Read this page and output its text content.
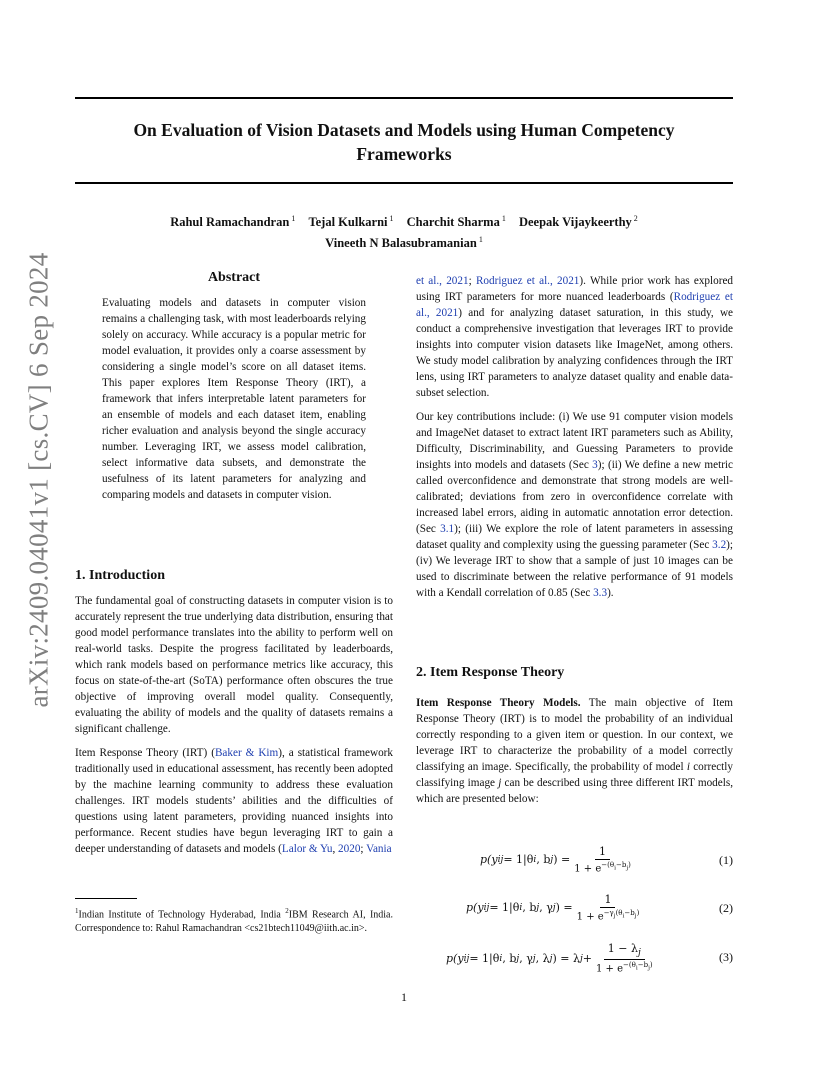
On Evaluation of Vision Datasets and Models using Human Competency Frameworks
Rahul Ramachandran $^1$ Tejal Kulkarni $^1$ Charchit Sharma $^1$ Deepak Vijaykeerthy $^2$
Vineeth N Balasubramanian $^1$
arXiv:2409.04041v1 [cs.CV] 6 Sep 2024	Abstract
Evaluating models and datasets in computer vision remains a challenging task, with most leaderboards relying solely on accuracy. While accuracy is a popular metric for model evaluation, it provides only a coarse assessment by considering a single model’s score on all dataset items. This paper explores Item Response Theory (IRT), a framework that infers interpretable latent parameters for an ensemble of models and each dataset item, enabling richer evaluation and analysis beyond the single accuracy number. Leveraging IRT, we assess model calibration, select informative data subsets, and demonstrate the usefulness of its latent parameters for analyzing and comparing models and datasets in computer vision.
1. Introduction

The fundamental goal of constructing datasets in computer vision is to accurately represent the true underlying data distribution, ensuring that good model performance translates into the ability to perform well on real-world tasks. Despite the progress facilitated by leaderboards, which rank models based on performance metrics like accuracy, this focus on state-of-the-art (SoTA) performance often obscures the true objective of improving overall model quality. Consequently, evaluating the ability of models and the quality of datasets remains a significant challenge.

Item Response Theory (IRT) (Baker & Kim), a statistical framework traditionally used in educational assessment, has recently been adopted by the machine learning community to address these evaluation challenges. IRT models students’ abilities and the difficulties of questions using latent parameters, providing nuanced insights into performance. Recent studies have begun leveraging IRT to gain a deeper understanding of datasets and models (Lalor & Yu, 2020; Vania

$^1$Indian Institute of Technology Hyderabad, India $^2$IBM Research AI, India. Correspondence to: Rahul Ramachandran <cs21btech11049@iith.ac.in>.

et al., 2021; Rodriguez et al., 2021). While prior work has explored using IRT parameters for more nuanced leaderboards (Rodriguez et al., 2021) and for analyzing dataset saturation, in this study, we conduct a comprehensive investigation that leverages IRT to provide insights into computer vision datasets like ImageNet, among others. We study model calibration by analyzing confidences through the IRT lens, using IRT parameters to analyze dataset quality and enable data-subset selection.

Our key contributions include: (i) We use 91 computer vision models and ImageNet dataset to extract latent IRT parameters such as Ability, Difficulty, Discriminability, and Guessing Parameters to provide insights into models and datasets (Sec 3); (ii) We define a new metric called overconfidence and demonstrate that strong models are well-calibrated; deviations from zero in overconfidence correlate with increased label errors, aiding in automatic annotation error detection. (Sec 3.1); (iii) We explore the role of latent parameters in assessing dataset quality and complexity using the guessing parameter (Sec 3.2); (iv) We leverage IRT to show that a sample of just 10 images can be used to discriminate between the relative performance of 91 models with a Kendall correlation of 0.85 (Sec 3.3).

2. Item Response Theory

Item Response Theory Models. The main objective of Item Response Theory (IRT) is to model the probability of an individual correctly responding to a given item or question. In our context, we leverage IRT to characterize the probability of a model correctly classifying an image. Specifically, the probability of model i correctly classifying image j can be described using three different IRT models, which are presented below:

p(y ij = 1|θ i , b j ) = $\frac{1}{1 + e^{-(\theta_i-b_j)}}$	(1)
p(y ij = 1|θ i , b j , γ j ) = $\frac{1}{1 + e^{-\gamma_j(\theta_i-b_j)}}$	(2)
p(y ij = 1|θ i , b j , γ j , λ j ) = λ $j + \frac{1 - \lambda_j}{1 + e^{-(\theta_i-b_j)}}$	(3)
1
